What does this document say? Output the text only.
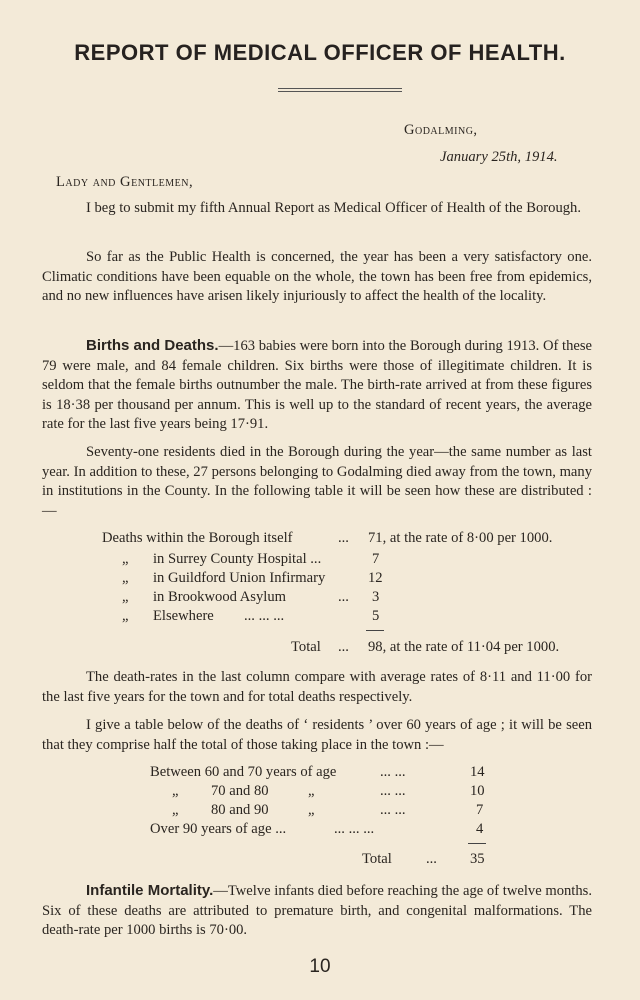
REPORT OF MEDICAL OFFICER OF HEALTH.
Godalming,
January 25th, 1914.
Lady and Gentlemen,
I beg to submit my fifth Annual Report as Medical Officer of Health of the Borough.
So far as the Public Health is concerned, the year has been a very satisfactory one. Climatic conditions have been equable on the whole, the town has been free from epidemics, and no new influences have arisen likely injuriously to affect the health of the locality.
Births and Deaths.—163 babies were born into the Borough during 1913. Of these 79 were male, and 84 female children. Six births were those of illegitimate children. It is seldom that the female births outnumber the male. The birth-rate arrived at from these figures is 18·38 per thousand per annum. This is well up to the standard of recent years, the average rate for the last five years being 17·91.
Seventy-one residents died in the Borough during the year—the same number as last year. In addition to these, 27 persons belonging to Godalming died away from the town, many in institutions in the County. In the following table it will be seen how these are distributed :—
Deaths within the Borough itself	... 71, at the rate of 8·00 per 1000.
„ in Surrey County Hospital ...	7
„ in Guildford Union Infirmary	12
„ in Brookwood Asylum	... 3
„ Elsewhere ... ... ...	5
Total ... 98, at the rate of 11·04 per 1000.
The death-rates in the last column compare with average rates of 8·11 and 11·00 for the last five years for the town and for total deaths respectively.
I give a table below of the deaths of ‘ residents ’ over 60 years of age ; it will be seen that they comprise half the total of those taking place in the town :—
Between 60 and 70 years of age	... ...	14
„ 70 and 80	„	... ...	10
„ 80 and 90	„	... ...	7
Over 90 years of age ...	... ... ...	4
Total ... 35
Infantile Mortality.—Twelve infants died before reaching the age of twelve months. Six of these deaths are attributed to premature birth, and congenital malformations. The death-rate per 1000 births is 70·00.
10
